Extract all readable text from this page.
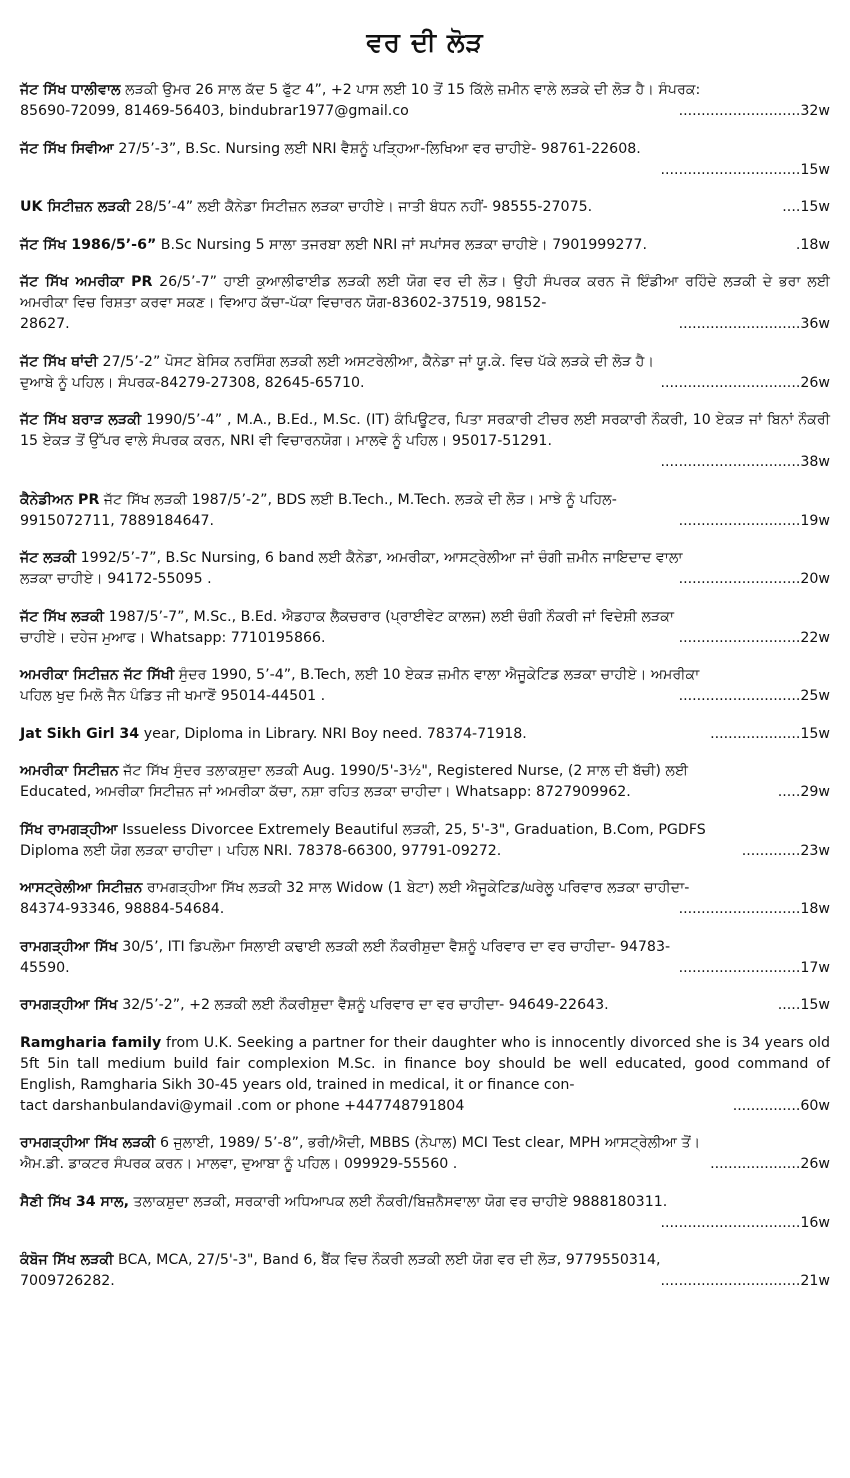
ਵਰ ਦੀ ਲੋੜ
ਜੱਟ ਸਿੱਖ ਧਾਲੀਵਾਲ ਲੜਕੀ ਉਮਰ 26 ਸਾਲ ਕੱਦ 5 ਫੁੱਟ 4”, +2 ਪਾਸ ਲਈ 10 ਤੋਂ 15 ਕਿੱਲੇ ਜ਼ਮੀਨ ਵਾਲੇ ਲੜਕੇ ਦੀ ਲੋੜ ਹੈ। ਸੰਪਰਕ:
85690-72099, 81469-56403, bindubrar1977@gmail.co	...........................32w
ਜੱਟ ਸਿੱਖ ਸਿਵੀਆ 27/5’-3”, B.Sc. Nursing ਲਈ NRI ਵੈਸ਼ਨੂੰ ਪੜ੍ਹਿਆ-ਲਿਖਿਆ ਵਰ ਚਾਹੀਏ- 98761-22608.
...............................15w
UK ਸਿਟੀਜ਼ਨ ਲੜਕੀ 28/5’-4” ਲਈ ਕੈਨੇਡਾ ਸਿਟੀਜ਼ਨ ਲੜਕਾ ਚਾਹੀਏ। ਜਾਤੀ ਬੰਧਨ ਨਹੀਂ- 98555-27075.	....15w
ਜੱਟ ਸਿੱਖ 1986/5’-6” B.Sc Nursing 5 ਸਾਲਾ ਤਜਰਬਾ ਲਈ NRI ਜਾਂ ਸਪਾਂਸਰ ਲੜਕਾ ਚਾਹੀਏ। 7901999277.	.18w
ਜੱਟ ਸਿੱਖ ਅਮਰੀਕਾ PR 26/5’-7” ਹਾਈ ਕੁਆਲੀਫਾਈਡ ਲੜਕੀ ਲਈ ਯੋਗ ਵਰ ਦੀ ਲੋੜ। ਉਹੀ ਸੰਪਰਕ ਕਰਨ ਜੋ ਇੰਡੀਆ ਰਹਿੰਦੇ ਲੜਕੀ ਦੇ ਭਰਾ ਲਈ ਅਮਰੀਕਾ ਵਿਚ ਰਿਸ਼ਤਾ ਕਰਵਾ ਸਕਣ। ਵਿਆਹ ਕੱਚਾ-ਪੱਕਾ ਵਿਚਾਰਨ ਯੋਗ-83602-37519, 98152-
28627.	...........................36w
ਜੱਟ ਸਿੱਖ ਥਾਂਦੀ 27/5’-2” ਪੋਸਟ ਬੇਸਿਕ ਨਰਸਿੰਗ ਲੜਕੀ ਲਈ ਅਸਟਰੇਲੀਆ, ਕੈਨੇਡਾ ਜਾਂ ਯੂ.ਕੇ. ਵਿਚ ਪੱਕੇ ਲੜਕੇ ਦੀ ਲੋੜ ਹੈ।
ਦੁਆਬੇ ਨੂੰ ਪਹਿਲ। ਸੰਪਰਕ-84279-27308, 82645-65710.	...............................26w
ਜੱਟ ਸਿੱਖ ਬਰਾੜ ਲੜਕੀ 1990/5’-4” , M.A., B.Ed., M.Sc. (IT) ਕੰਪਿਊਟਰ, ਪਿਤਾ ਸਰਕਾਰੀ ਟੀਚਰ ਲਈ ਸਰਕਾਰੀ ਨੌਕਰੀ, 10 ਏਕੜ ਜਾਂ ਬਿਨਾਂ ਨੌਕਰੀ 15 ਏਕੜ ਤੋਂ ਉੱਪਰ ਵਾਲੇ ਸੰਪਰਕ ਕਰਨ, NRI ਵੀ ਵਿਚਾਰਨਯੋਗ। ਮਾਲਵੇ ਨੂੰ ਪਹਿਲ। 95017-51291.
...............................38w
ਕੈਨੇਡੀਅਨ PR ਜੱਟ ਸਿੱਖ ਲੜਕੀ 1987/5’-2”, BDS ਲਈ B.Tech., M.Tech. ਲੜਕੇ ਦੀ ਲੋੜ। ਮਾਝੇ ਨੂੰ ਪਹਿਲ-
9915072711, 7889184647.	...........................19w
ਜੱਟ ਲੜਕੀ 1992/5’-7”, B.Sc Nursing, 6 band ਲਈ ਕੈਨੇਡਾ, ਅਮਰੀਕਾ, ਆਸਟ੍ਰੇਲੀਆ ਜਾਂ ਚੰਗੀ ਜ਼ਮੀਨ ਜਾਇਦਾਦ ਵਾਲਾ
ਲੜਕਾ ਚਾਹੀਏ। 94172-55095 .	...........................20w
ਜੱਟ ਸਿੱਖ ਲੜਕੀ 1987/5’-7”, M.Sc., B.Ed. ਐਡਹਾਕ ਲੈਕਚਰਾਰ (ਪ੍ਰਾਈਵੇਟ ਕਾਲਜ) ਲਈ ਚੰਗੀ ਨੌਕਰੀ ਜਾਂ ਵਿਦੇਸ਼ੀ ਲੜਕਾ
ਚਾਹੀਏ। ਦਹੇਜ ਮੁਆਫ। Whatsapp: 7710195866.	...........................22w
ਅਮਰੀਕਾ ਸਿਟੀਜ਼ਨ ਜੱਟ ਸਿੱਖੀ ਸੁੰਦਰ 1990, 5’-4”, B.Tech, ਲਈ 10 ਏਕੜ ਜ਼ਮੀਨ ਵਾਲਾ ਐਜੂਕੇਟਿਡ ਲੜਕਾ ਚਾਹੀਏ। ਅਮਰੀਕਾ
ਪਹਿਲ ਖੁਦ ਮਿਲੋ ਜੈਨ ਪੰਡਿਤ ਜੀ ਖਮਾਣੋਂ 95014-44501 .	...........................25w
Jat Sikh Girl 34 year, Diploma in Library. NRI Boy need. 78374-71918.	....................15w
ਅਮਰੀਕਾ ਸਿਟੀਜ਼ਨ ਜੱਟ ਸਿੱਖ ਸੁੰਦਰ ਤਲਾਕਸ਼ੁਦਾ ਲੜਕੀ Aug. 1990/5'-3½", Registered Nurse, (2 ਸਾਲ ਦੀ ਬੱਚੀ) ਲਈ
Educated, ਅਮਰੀਕਾ ਸਿਟੀਜ਼ਨ ਜਾਂ ਅਮਰੀਕਾ ਕੱਚਾ, ਨਸ਼ਾ ਰਹਿਤ ਲੜਕਾ ਚਾਹੀਦਾ। Whatsapp: 8727909962.	.....29w
ਸਿੱਖ ਰਾਮਗੜ੍ਹੀਆ Issueless Divorcee Extremely Beautiful ਲੜਕੀ, 25, 5'-3", Graduation, B.Com, PGDFS
Diploma ਲਈ ਯੋਗ ਲੜਕਾ ਚਾਹੀਦਾ। ਪਹਿਲ NRI. 78378-66300, 97791-09272.	.............23w
ਆਸਟ੍ਰੇਲੀਆ ਸਿਟੀਜ਼ਨ ਰਾਮਗੜ੍ਹੀਆ ਸਿੱਖ ਲੜਕੀ 32 ਸਾਲ Widow (1 ਬੇਟਾ) ਲਈ ਐਜੂਕੇਟਿਡ/ਘਰੇਲੂ ਪਰਿਵਾਰ ਲੜਕਾ ਚਾਹੀਦਾ-
84374-93346, 98884-54684.	...........................18w
ਰਾਮਗੜ੍ਹੀਆ ਸਿੱਖ 30/5’, ITI ਡਿਪਲੋਮਾ ਸਿਲਾਈ ਕਢਾਈ ਲੜਕੀ ਲਈ ਨੌਕਰੀਸ਼ੁਦਾ ਵੈਸ਼ਨੂੰ ਪਰਿਵਾਰ ਦਾ ਵਰ ਚਾਹੀਦਾ- 94783-
45590.	...........................17w
ਰਾਮਗੜ੍ਹੀਆ ਸਿੱਖ 32/5’-2”, +2 ਲੜਕੀ ਲਈ ਨੌਕਰੀਸ਼ੁਦਾ ਵੈਸ਼ਨੂੰ ਪਰਿਵਾਰ ਦਾ ਵਰ ਚਾਹੀਦਾ- 94649-22643.	.....15w
Ramgharia family from U.K. Seeking a partner for their daughter who is innocently divorced she is 34 years old 5ft 5in tall medium build fair complexion M.Sc. in finance boy should be well educated, good command of English, Ramgharia Sikh 30-45 years old, trained in medical, it or finance con-
tact darshanbulandavi@ymail .com or phone +447748791804	...............60w
ਰਾਮਗੜ੍ਹੀਆ ਸਿੱਖ ਲੜਕੀ 6 ਜੁਲਾਈ, 1989/ 5’-8”, ਭਰੀ/ਐਦੀ, MBBS (ਨੇਪਾਲ) MCI Test clear, MPH ਆਸਟ੍ਰੇਲੀਆ ਤੋਂ।
ਐਮ.ਡੀ. ਡਾਕਟਰ ਸੰਪਰਕ ਕਰਨ। ਮਾਲਵਾ, ਦੁਆਬਾ ਨੂੰ ਪਹਿਲ। 099929-55560 .	....................26w
ਸੈਣੀ ਸਿੱਖ 34 ਸਾਲ, ਤਲਾਕਸ਼ੁਦਾ ਲੜਕੀ, ਸਰਕਾਰੀ ਅਧਿਆਪਕ ਲਈ ਨੌਕਰੀ/ਬਿਜ਼ਨੈਸਵਾਲਾ ਯੋਗ ਵਰ ਚਾਹੀਏ 9888180311.
...............................16w
ਕੰਬੋਜ ਸਿੱਖ ਲੜਕੀ BCA, MCA, 27/5'-3", Band 6, ਬੈਂਕ ਵਿਚ ਨੌਕਰੀ ਲੜਕੀ ਲਈ ਯੋਗ ਵਰ ਦੀ ਲੋੜ, 9779550314,
7009726282.	...............................21w
